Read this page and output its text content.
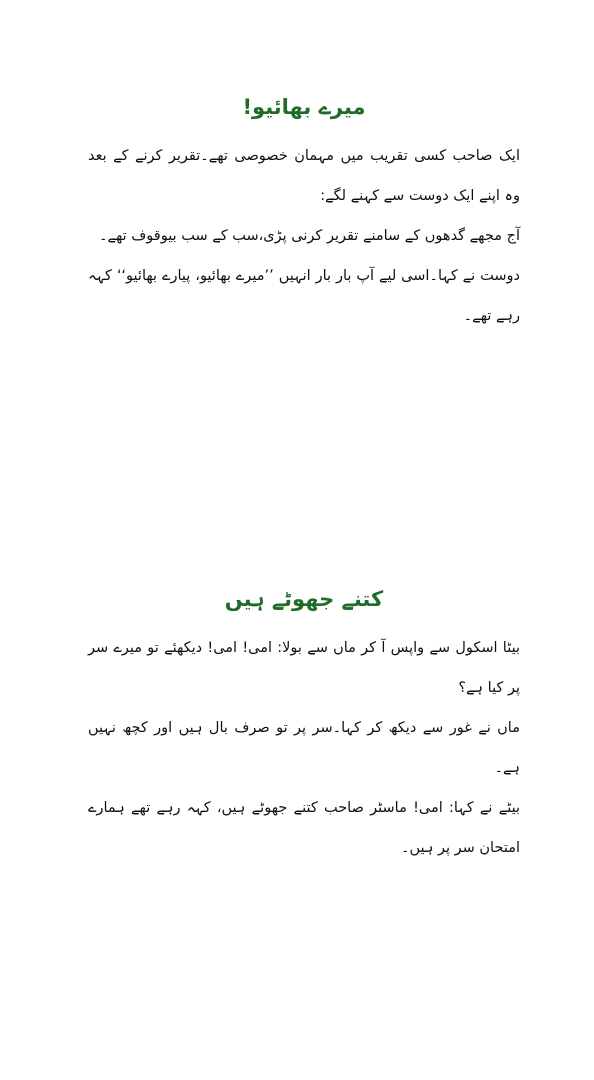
میرے بھائیو!

ایک صاحب کسی تقریب میں مہمان خصوصی تھے۔تقریر کرنے کے بعد وہ اپنے ایک دوست سے کہنے لگے:

آج مجھے گدھوں کے سامنے تقریر کرنی پڑی،سب کے سب بیوقوف تھے۔

دوست نے کہا۔اسی لیے آپ بار بار انہیں ’’میرے بھائیو، پیارے بھائیو‘‘ کہہ رہے تھے۔

کتنے جھوٹے ہیں

بیٹا اسکول سے واپس آ کر ماں سے بولا: امی! امی! دیکھئے تو میرے سر پر کیا ہے؟

ماں نے غور سے دیکھ کر کہا۔سر پر تو صرف بال ہیں اور کچھ نہیں ہے۔

بیٹے نے کہا: امی! ماسٹر صاحب کتنے جھوٹے ہیں، کہہ رہے تھے ہمارے امتحان سر پر ہیں۔
